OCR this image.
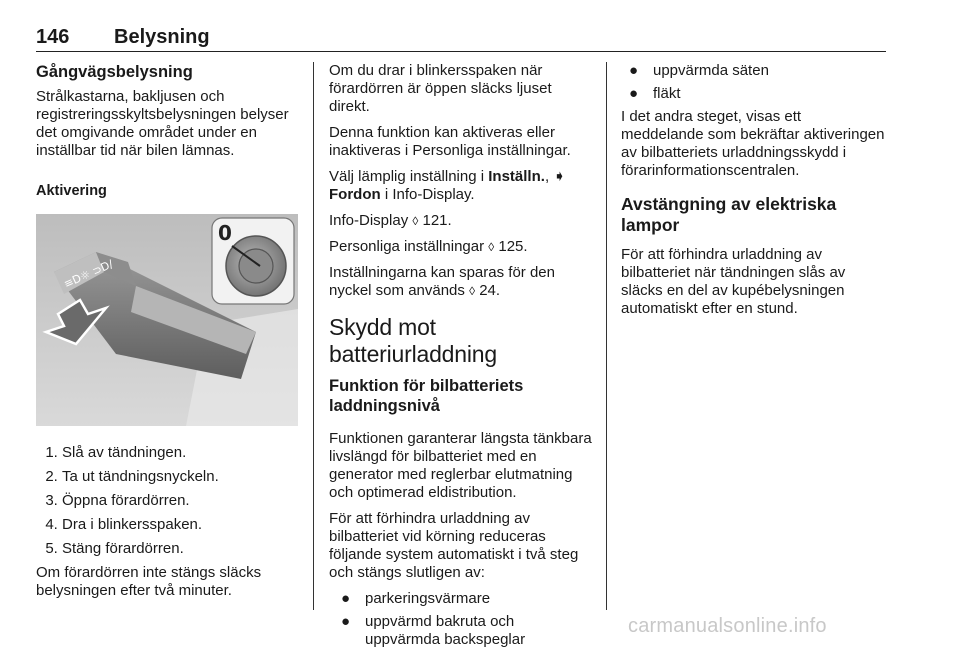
146 Belysning
Gångvägsbelysning

Strålkastarna, bakljusen och registreringsskyltsbelysningen belyser det omgivande området under en inställbar tid när bilen lämnas.

Aktivering
≡D☼ ⊃D/
0
1. Slå av tändningen.
2. Ta ut tändningsnyckeln.
3. Öppna förardörren.
4. Dra i blinkersspaken.
5. Stäng förardörren.

Om förardörren inte stängs släcks belysningen efter två minuter.

Om du drar i blinkersspaken när förardörren är öppen släcks ljuset direkt.

Denna funktion kan aktiveras eller inaktiveras i Personliga inställningar.

Välj lämplig inställning i Inställn., ➧
Fordon i Info-Display.

Info-Display ◊ 121.

Personliga inställningar ◊ 125.

Inställningarna kan sparas för den nyckel som används ◊ 24.

Skydd mot batteriurladdning
Funktion för bilbatteriets laddningsnivå

Funktionen garanterar längsta tänkbara livslängd för bilbatteriet med en generator med reglerbar elutmatning och optimerad eldistribution.

För att förhindra urladdning av bilbatteriet vid körning reduceras följande system automatiskt i två steg och stängs slutligen av:

● parkeringsvärmare
● uppvärmd bakruta och uppvärmda backspeglar
● uppvärmda säten
● fläkt

I det andra steget, visas ett meddelande som bekräftar aktiveringen av bilbatteriets urladdningsskydd i förarinformationscentralen.

Avstängning av elektriska lampor

För att förhindra urladdning av bilbatteriet när tändningen slås av släcks en del av kupébelysningen automatiskt efter en stund.

carmanualsonline.info
